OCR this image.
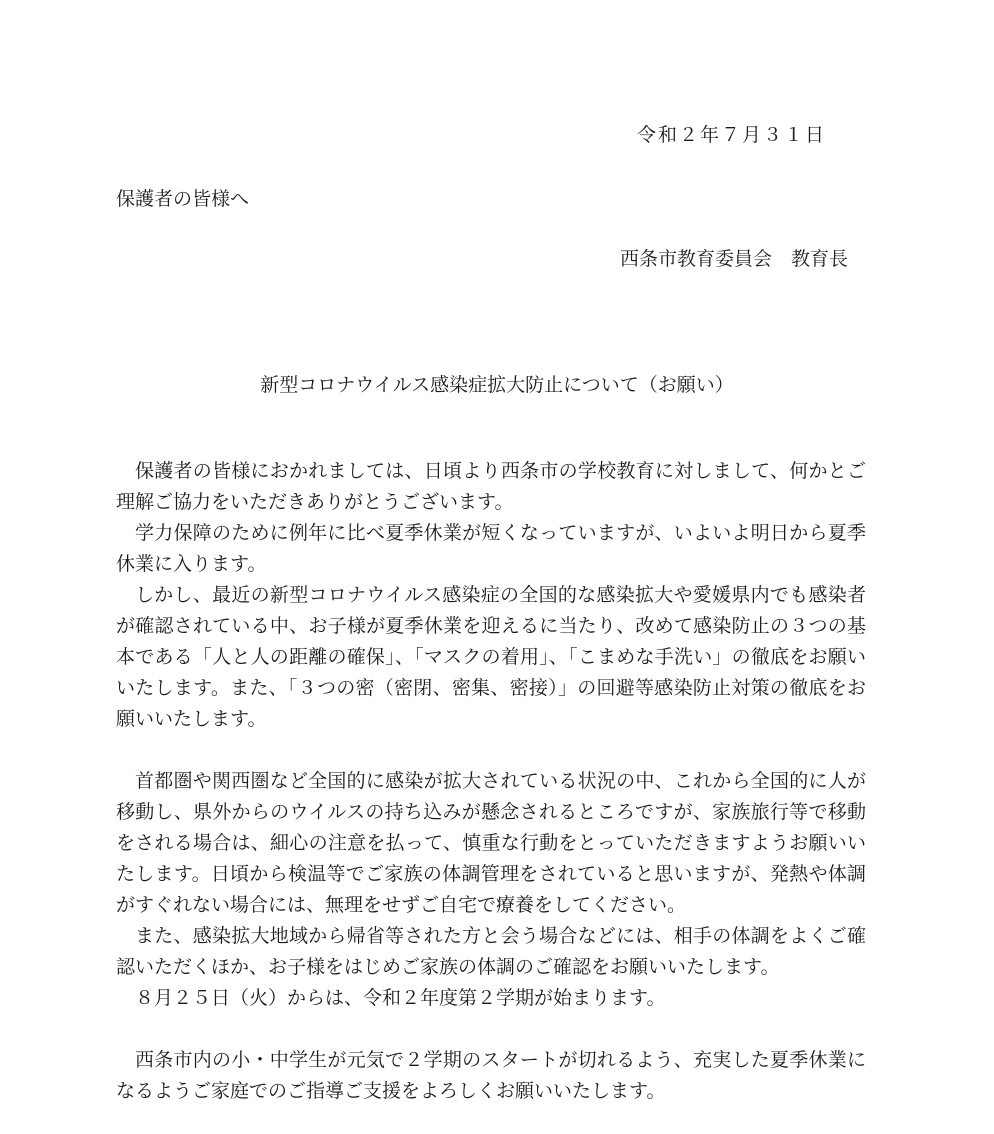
令和２年７月３１日
保護者の皆様へ
西条市教育委員会　教育長
新型コロナウイルス感染症拡大防止について（お願い）

保護者の皆様におかれましては、日頃より西条市の学校教育に対しまして、何かとご理解ご協力をいただきありがとうございます。

学力保障のために例年に比べ夏季休業が短くなっていますが、いよいよ明日から夏季休業に入ります。

しかし、最近の新型コロナウイルス感染症の全国的な感染拡大や愛媛県内でも感染者が確認されている中、お子様が夏季休業を迎えるに当たり、改めて感染防止の３つの基本である「人と人の距離の確保」、「マスクの着用」、「こまめな手洗い」の徹底をお願いいたします。また、「３つの密（密閉、密集、密接）」の回避等感染防止対策の徹底をお願いいたします。

首都圏や関西圏など全国的に感染が拡大されている状況の中、これから全国的に人が移動し、県外からのウイルスの持ち込みが懸念されるところですが、家族旅行等で移動をされる場合は、細心の注意を払って、慎重な行動をとっていただきますようお願いいたします。日頃から検温等でご家族の体調管理をされていると思いますが、発熱や体調がすぐれない場合には、無理をせずご自宅で療養をしてください。

また、感染拡大地域から帰省等された方と会う場合などには、相手の体調をよくご確認いただくほか、お子様をはじめご家族の体調のご確認をお願いいたします。

８月２５日（火）からは、令和２年度第２学期が始まります。

西条市内の小・中学生が元気で２学期のスタートが切れるよう、充実した夏季休業になるようご家庭でのご指導ご支援をよろしくお願いいたします。
